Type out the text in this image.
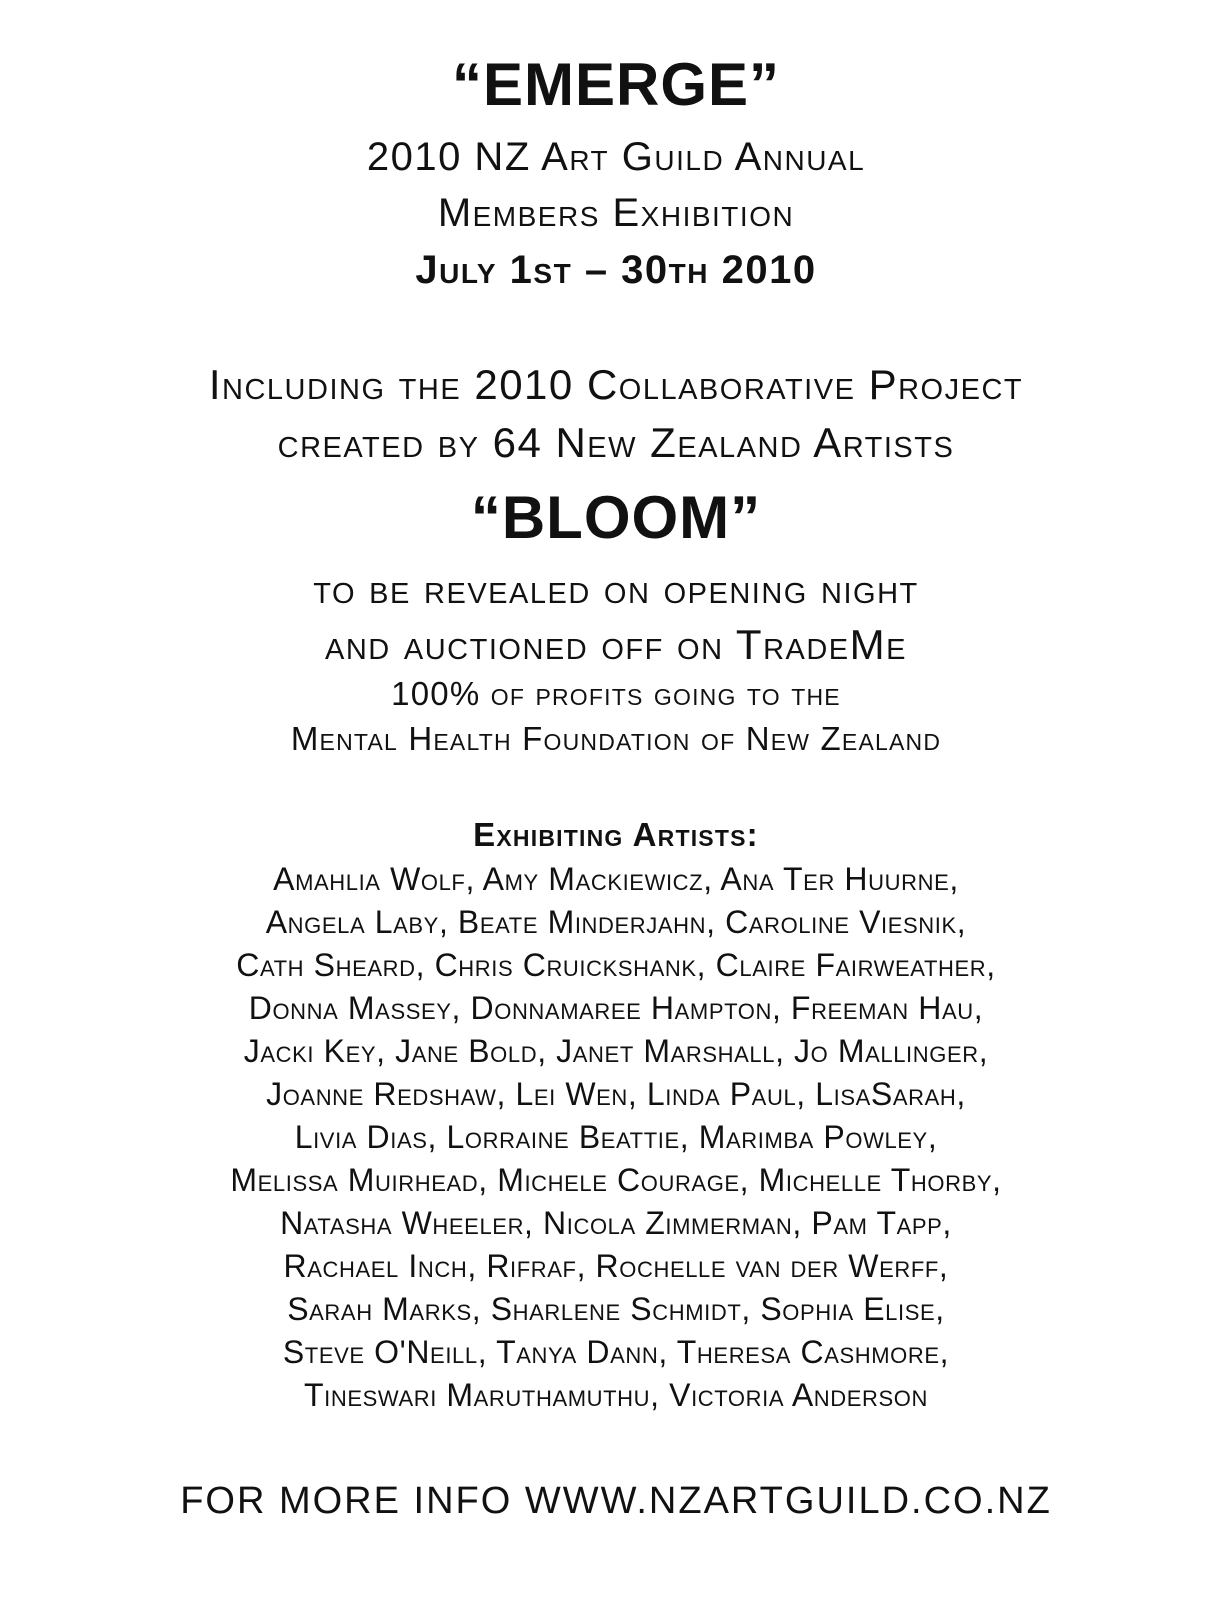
“EMERGE”
2010 NZ Art Guild Annual
Members Exhibition
July 1st – 30th 2010
Including the 2010 Collaborative Project
created by 64 New Zealand Artists
“BLOOM”
to be revealed on opening night
and auctioned off on TradeMe
100% of profits going to the
Mental Health Foundation of New Zealand
Exhibiting Artists:
Amahlia Wolf, Amy Mackiewicz, Ana Ter Huurne,
Angela Laby, Beate Minderjahn, Caroline Viesnik,
Cath Sheard, Chris Cruickshank, Claire Fairweather,
Donna Massey, Donnamaree Hampton, Freeman Hau,
Jacki Key, Jane Bold, Janet Marshall, Jo Mallinger,
Joanne Redshaw, Lei Wen, Linda Paul, LisaSarah,
Livia Dias, Lorraine Beattie, Marimba Powley,
Melissa Muirhead, Michele Courage, Michelle Thorby,
Natasha Wheeler, Nicola Zimmerman, Pam Tapp,
Rachael Inch, Rifraf, Rochelle van der Werff,
Sarah Marks, Sharlene Schmidt, Sophia Elise,
Steve O'Neill, Tanya Dann, Theresa Cashmore,
Tineswari Maruthamuthu, Victoria Anderson
FOR MORE INFO WWW.NZARTGUILD.CO.NZ
